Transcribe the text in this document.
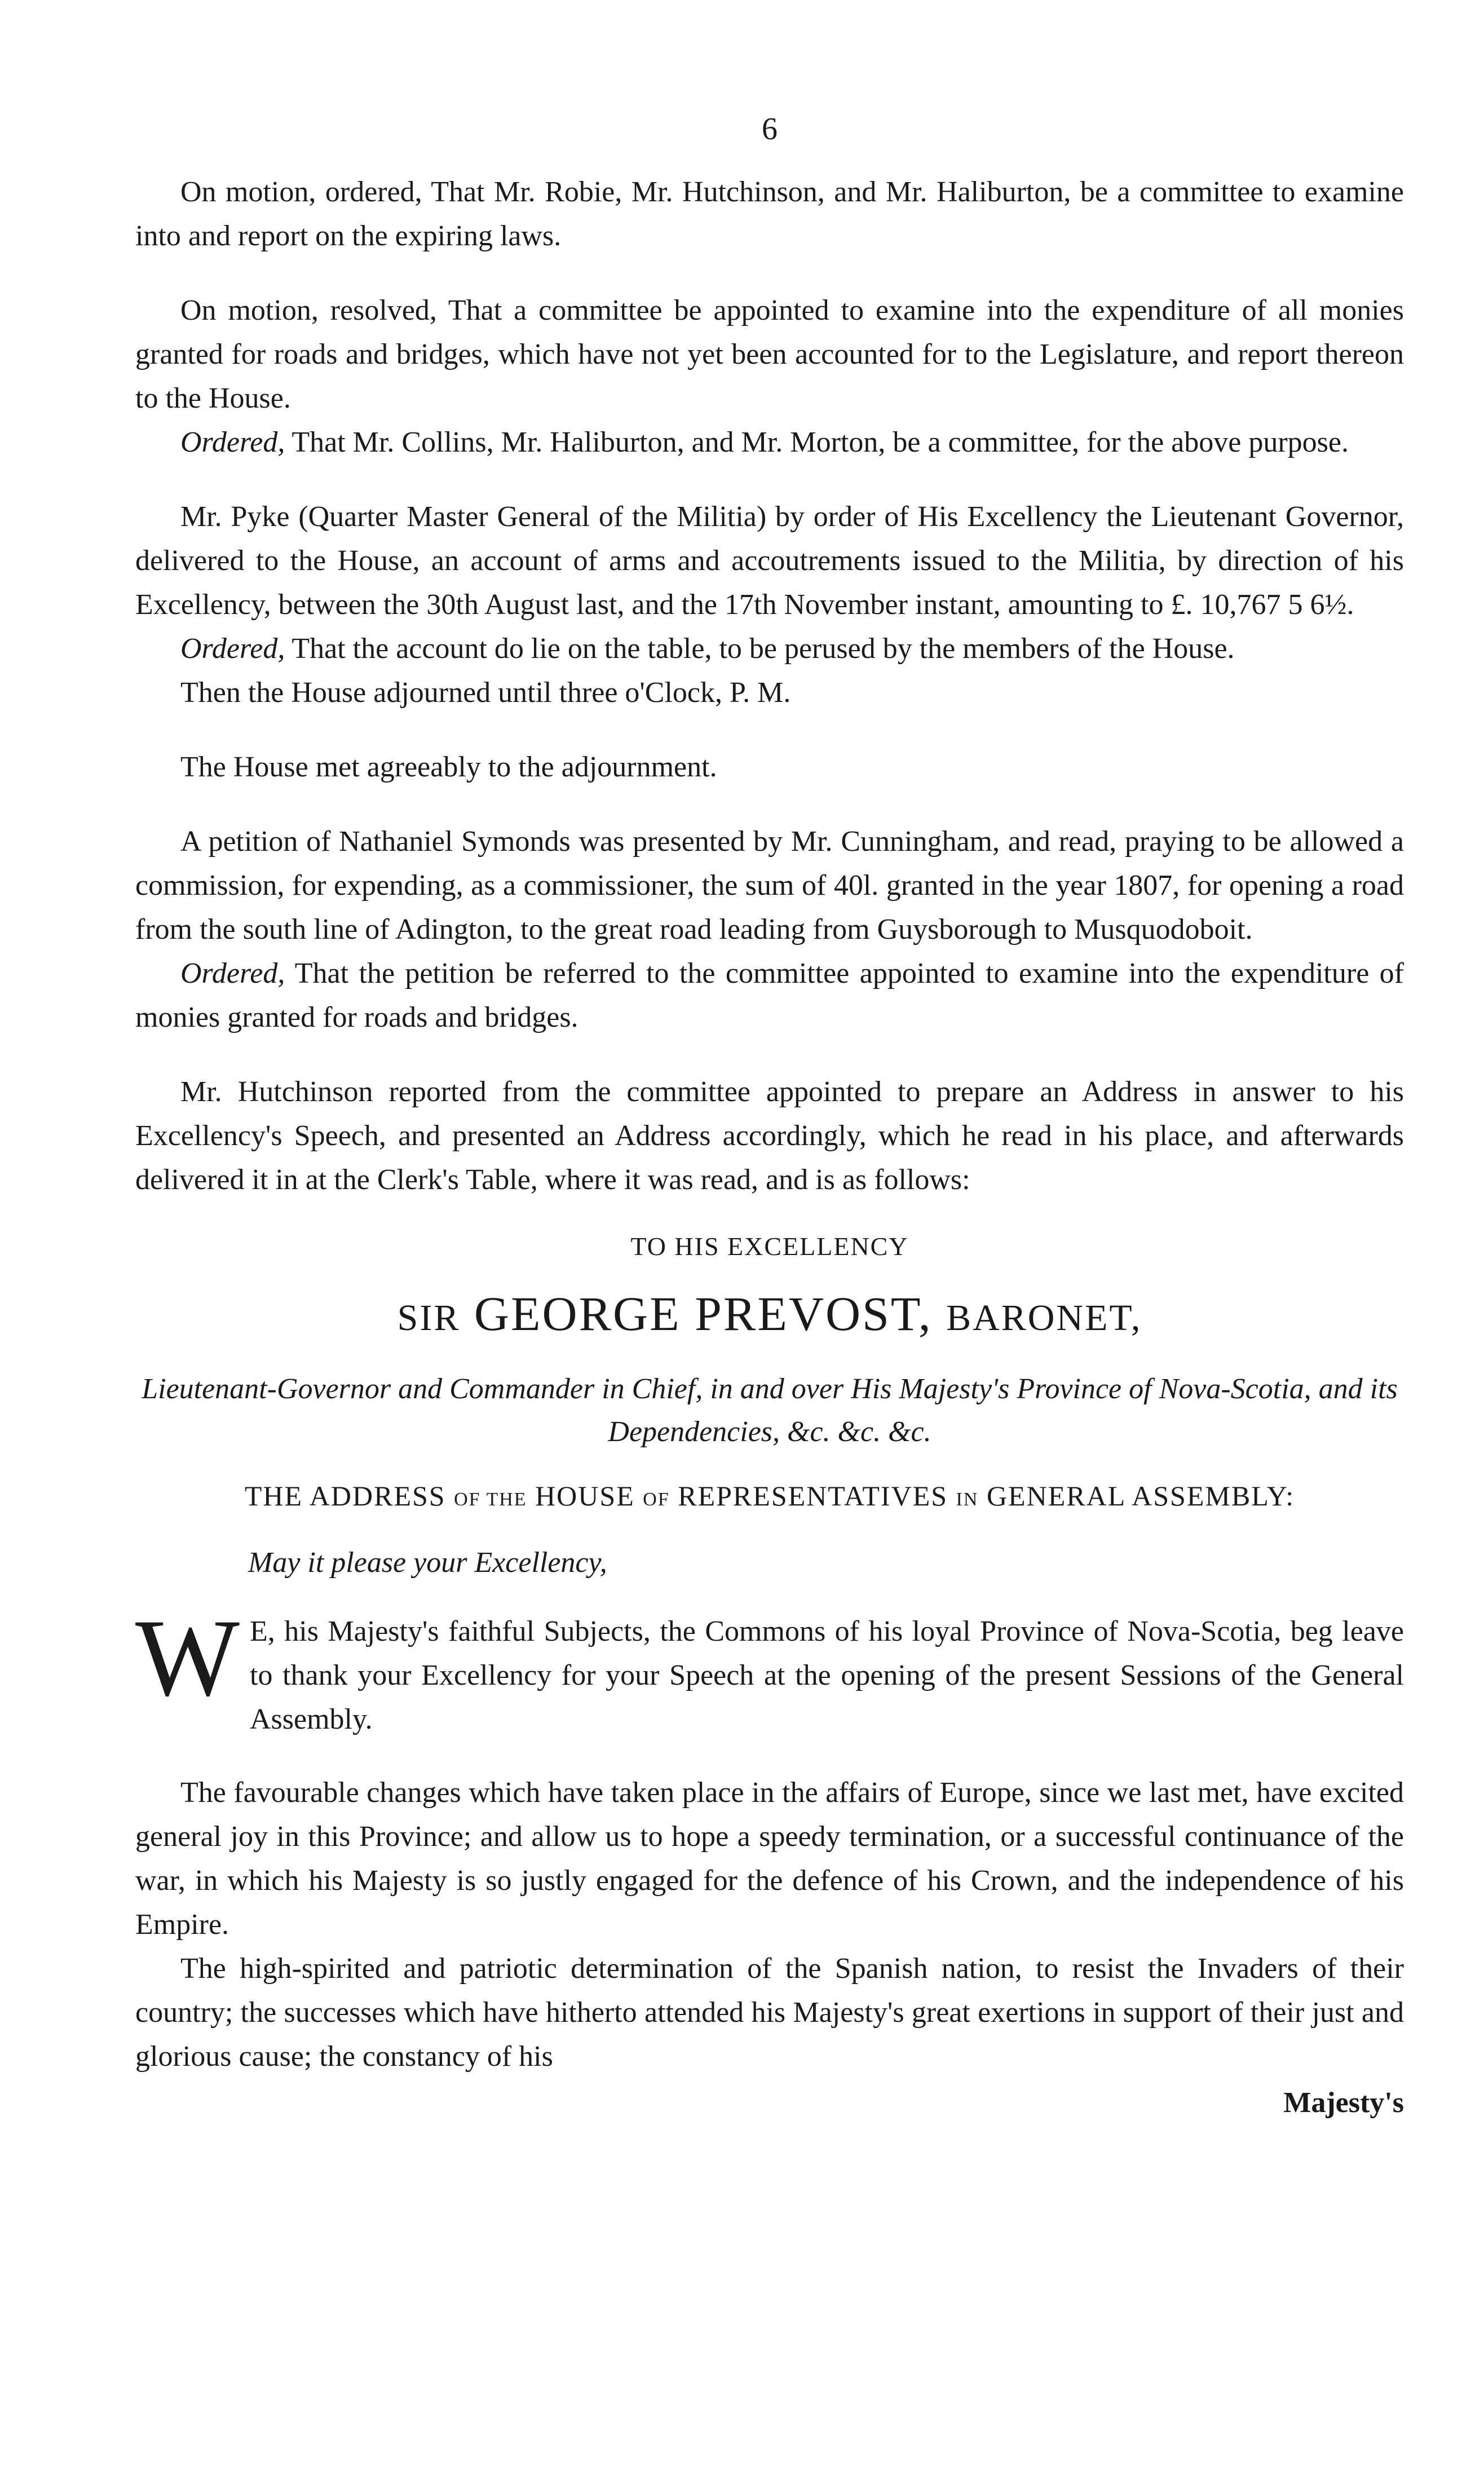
6

On motion, ordered, That Mr. Robie, Mr. Hutchinson, and Mr. Haliburton, be a committee to examine into and report on the expiring laws.

On motion, resolved, That a committee be appointed to examine into the expenditure of all monies granted for roads and bridges, which have not yet been accounted for to the Legislature, and report thereon to the House.

Ordered, That Mr. Collins, Mr. Haliburton, and Mr. Morton, be a committee, for the above purpose.

Mr. Pyke (Quarter Master General of the Militia) by order of His Excellency the Lieutenant Governor, delivered to the House, an account of arms and accoutrements issued to the Militia, by direction of his Excellency, between the 30th August last, and the 17th November instant, amounting to £. 10,767 5 6½.

Ordered, That the account do lie on the table, to be perused by the members of the House.

Then the House adjourned until three o'Clock, P. M.

The House met agreeably to the adjournment.

A petition of Nathaniel Symonds was presented by Mr. Cunningham, and read, praying to be allowed a commission, for expending, as a commissioner, the sum of 40l. granted in the year 1807, for opening a road from the south line of Adington, to the great road leading from Guysborough to Musquodoboit.

Ordered, That the petition be referred to the committee appointed to examine into the expenditure of monies granted for roads and bridges.

Mr. Hutchinson reported from the committee appointed to prepare an Address in answer to his Excellency's Speech, and presented an Address accordingly, which he read in his place, and afterwards delivered it in at the Clerk's Table, where it was read, and is as follows:

TO HIS EXCELLENCY
SIR GEORGE PREVOST, BARONET,
Lieutenant-Governor and Commander in Chief, in and over His Majesty's Province of Nova-Scotia, and its Dependencies, &c. &c. &c.
THE ADDRESS OF THE HOUSE OF REPRESENTATIVES IN GENERAL ASSEMBLY:
May it please your Excellency,

W E, his Majesty's faithful Subjects, the Commons of his loyal Province of Nova-Scotia, beg leave to thank your Excellency for your Speech at the opening of the present Sessions of the General Assembly.

The favourable changes which have taken place in the affairs of Europe, since we last met, have excited general joy in this Province; and allow us to hope a speedy termination, or a successful continuance of the war, in which his Majesty is so justly engaged for the defence of his Crown, and the independence of his Empire.

The high-spirited and patriotic determination of the Spanish nation, to resist the Invaders of their country; the successes which have hitherto attended his Majesty's great exertions in support of their just and glorious cause; the constancy of his

Majesty's
